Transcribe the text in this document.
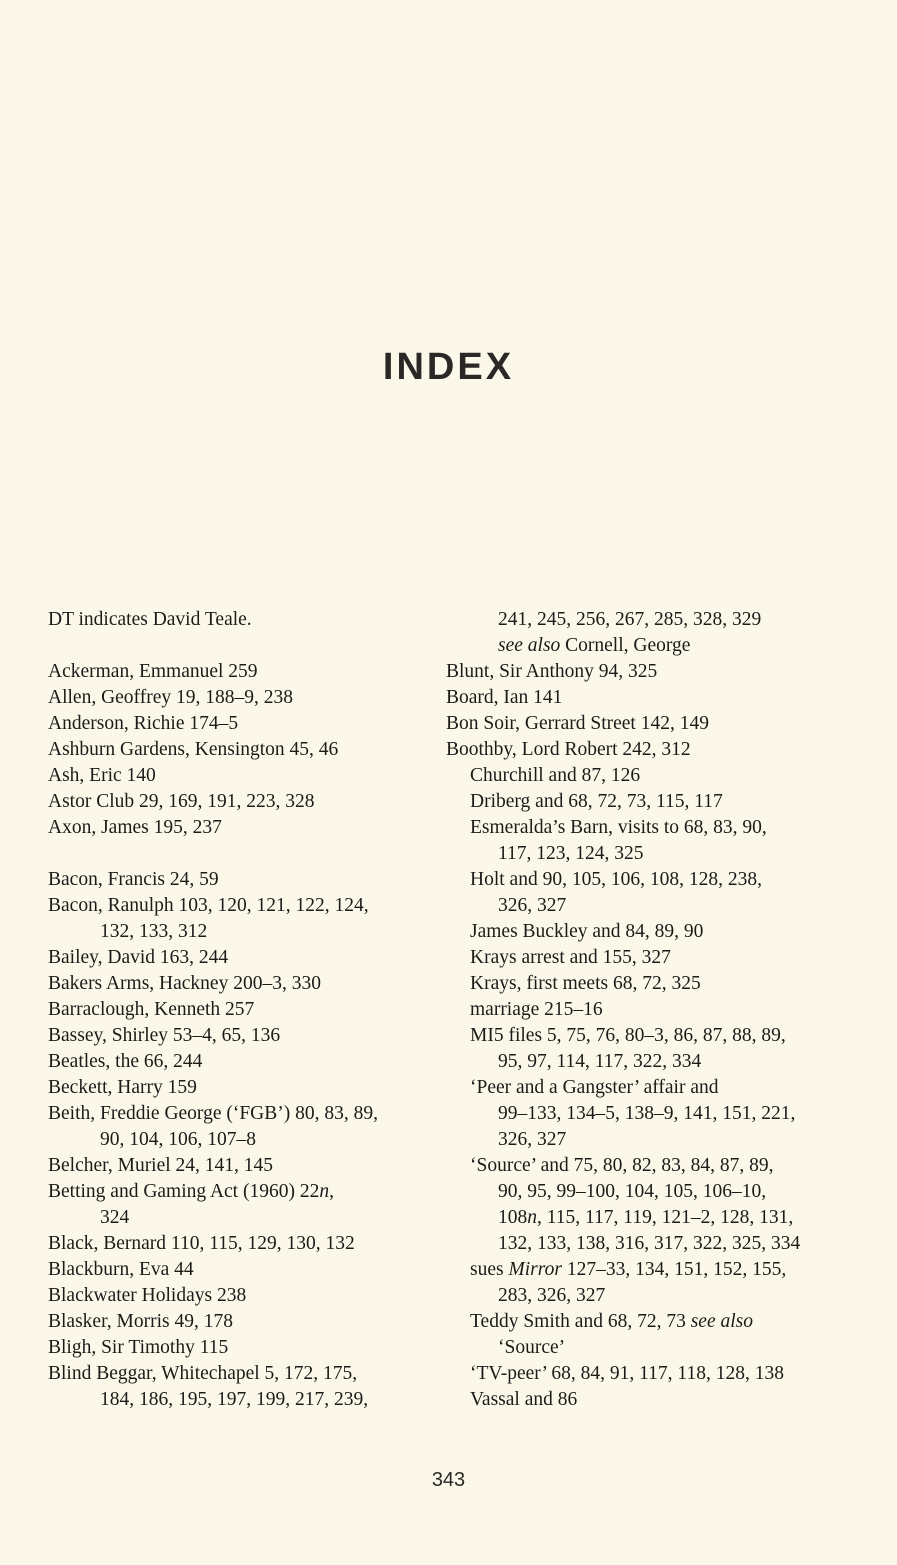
INDEX
DT indicates David Teale.
Ackerman, Emmanuel 259
Allen, Geoffrey 19, 188–9, 238
Anderson, Richie 174–5
Ashburn Gardens, Kensington 45, 46
Ash, Eric 140
Astor Club 29, 169, 191, 223, 328
Axon, James 195, 237
Bacon, Francis 24, 59
Bacon, Ranulph 103, 120, 121, 122, 124,
132, 133, 312
Bailey, David 163, 244
Bakers Arms, Hackney 200–3, 330
Barraclough, Kenneth 257
Bassey, Shirley 53–4, 65, 136
Beatles, the 66, 244
Beckett, Harry 159
Beith, Freddie George (‘FGB’) 80, 83, 89,
90, 104, 106, 107–8
Belcher, Muriel 24, 141, 145
Betting and Gaming Act (1960) 22n,
324
Black, Bernard 110, 115, 129, 130, 132
Blackburn, Eva 44
Blackwater Holidays 238
Blasker, Morris 49, 178
Bligh, Sir Timothy 115
Blind Beggar, Whitechapel 5, 172, 175,
184, 186, 195, 197, 199, 217, 239,
241, 245, 256, 267, 285, 328, 329
see also Cornell, George
Blunt, Sir Anthony 94, 325
Board, Ian 141
Bon Soir, Gerrard Street 142, 149
Boothby, Lord Robert 242, 312
Churchill and 87, 126
Driberg and 68, 72, 73, 115, 117
Esmeralda’s Barn, visits to 68, 83, 90,
117, 123, 124, 325
Holt and 90, 105, 106, 108, 128, 238,
326, 327
James Buckley and 84, 89, 90
Krays arrest and 155, 327
Krays, first meets 68, 72, 325
marriage 215–16
MI5 files 5, 75, 76, 80–3, 86, 87, 88, 89,
95, 97, 114, 117, 322, 334
‘Peer and a Gangster’ affair and
99–133, 134–5, 138–9, 141, 151, 221,
326, 327
‘Source’ and 75, 80, 82, 83, 84, 87, 89,
90, 95, 99–100, 104, 105, 106–10,
108n, 115, 117, 119, 121–2, 128, 131,
132, 133, 138, 316, 317, 322, 325, 334
sues Mirror 127–33, 134, 151, 152, 155,
283, 326, 327
Teddy Smith and 68, 72, 73 see also
‘Source’
‘TV-peer’ 68, 84, 91, 117, 118, 128, 138
Vassal and 86
343
